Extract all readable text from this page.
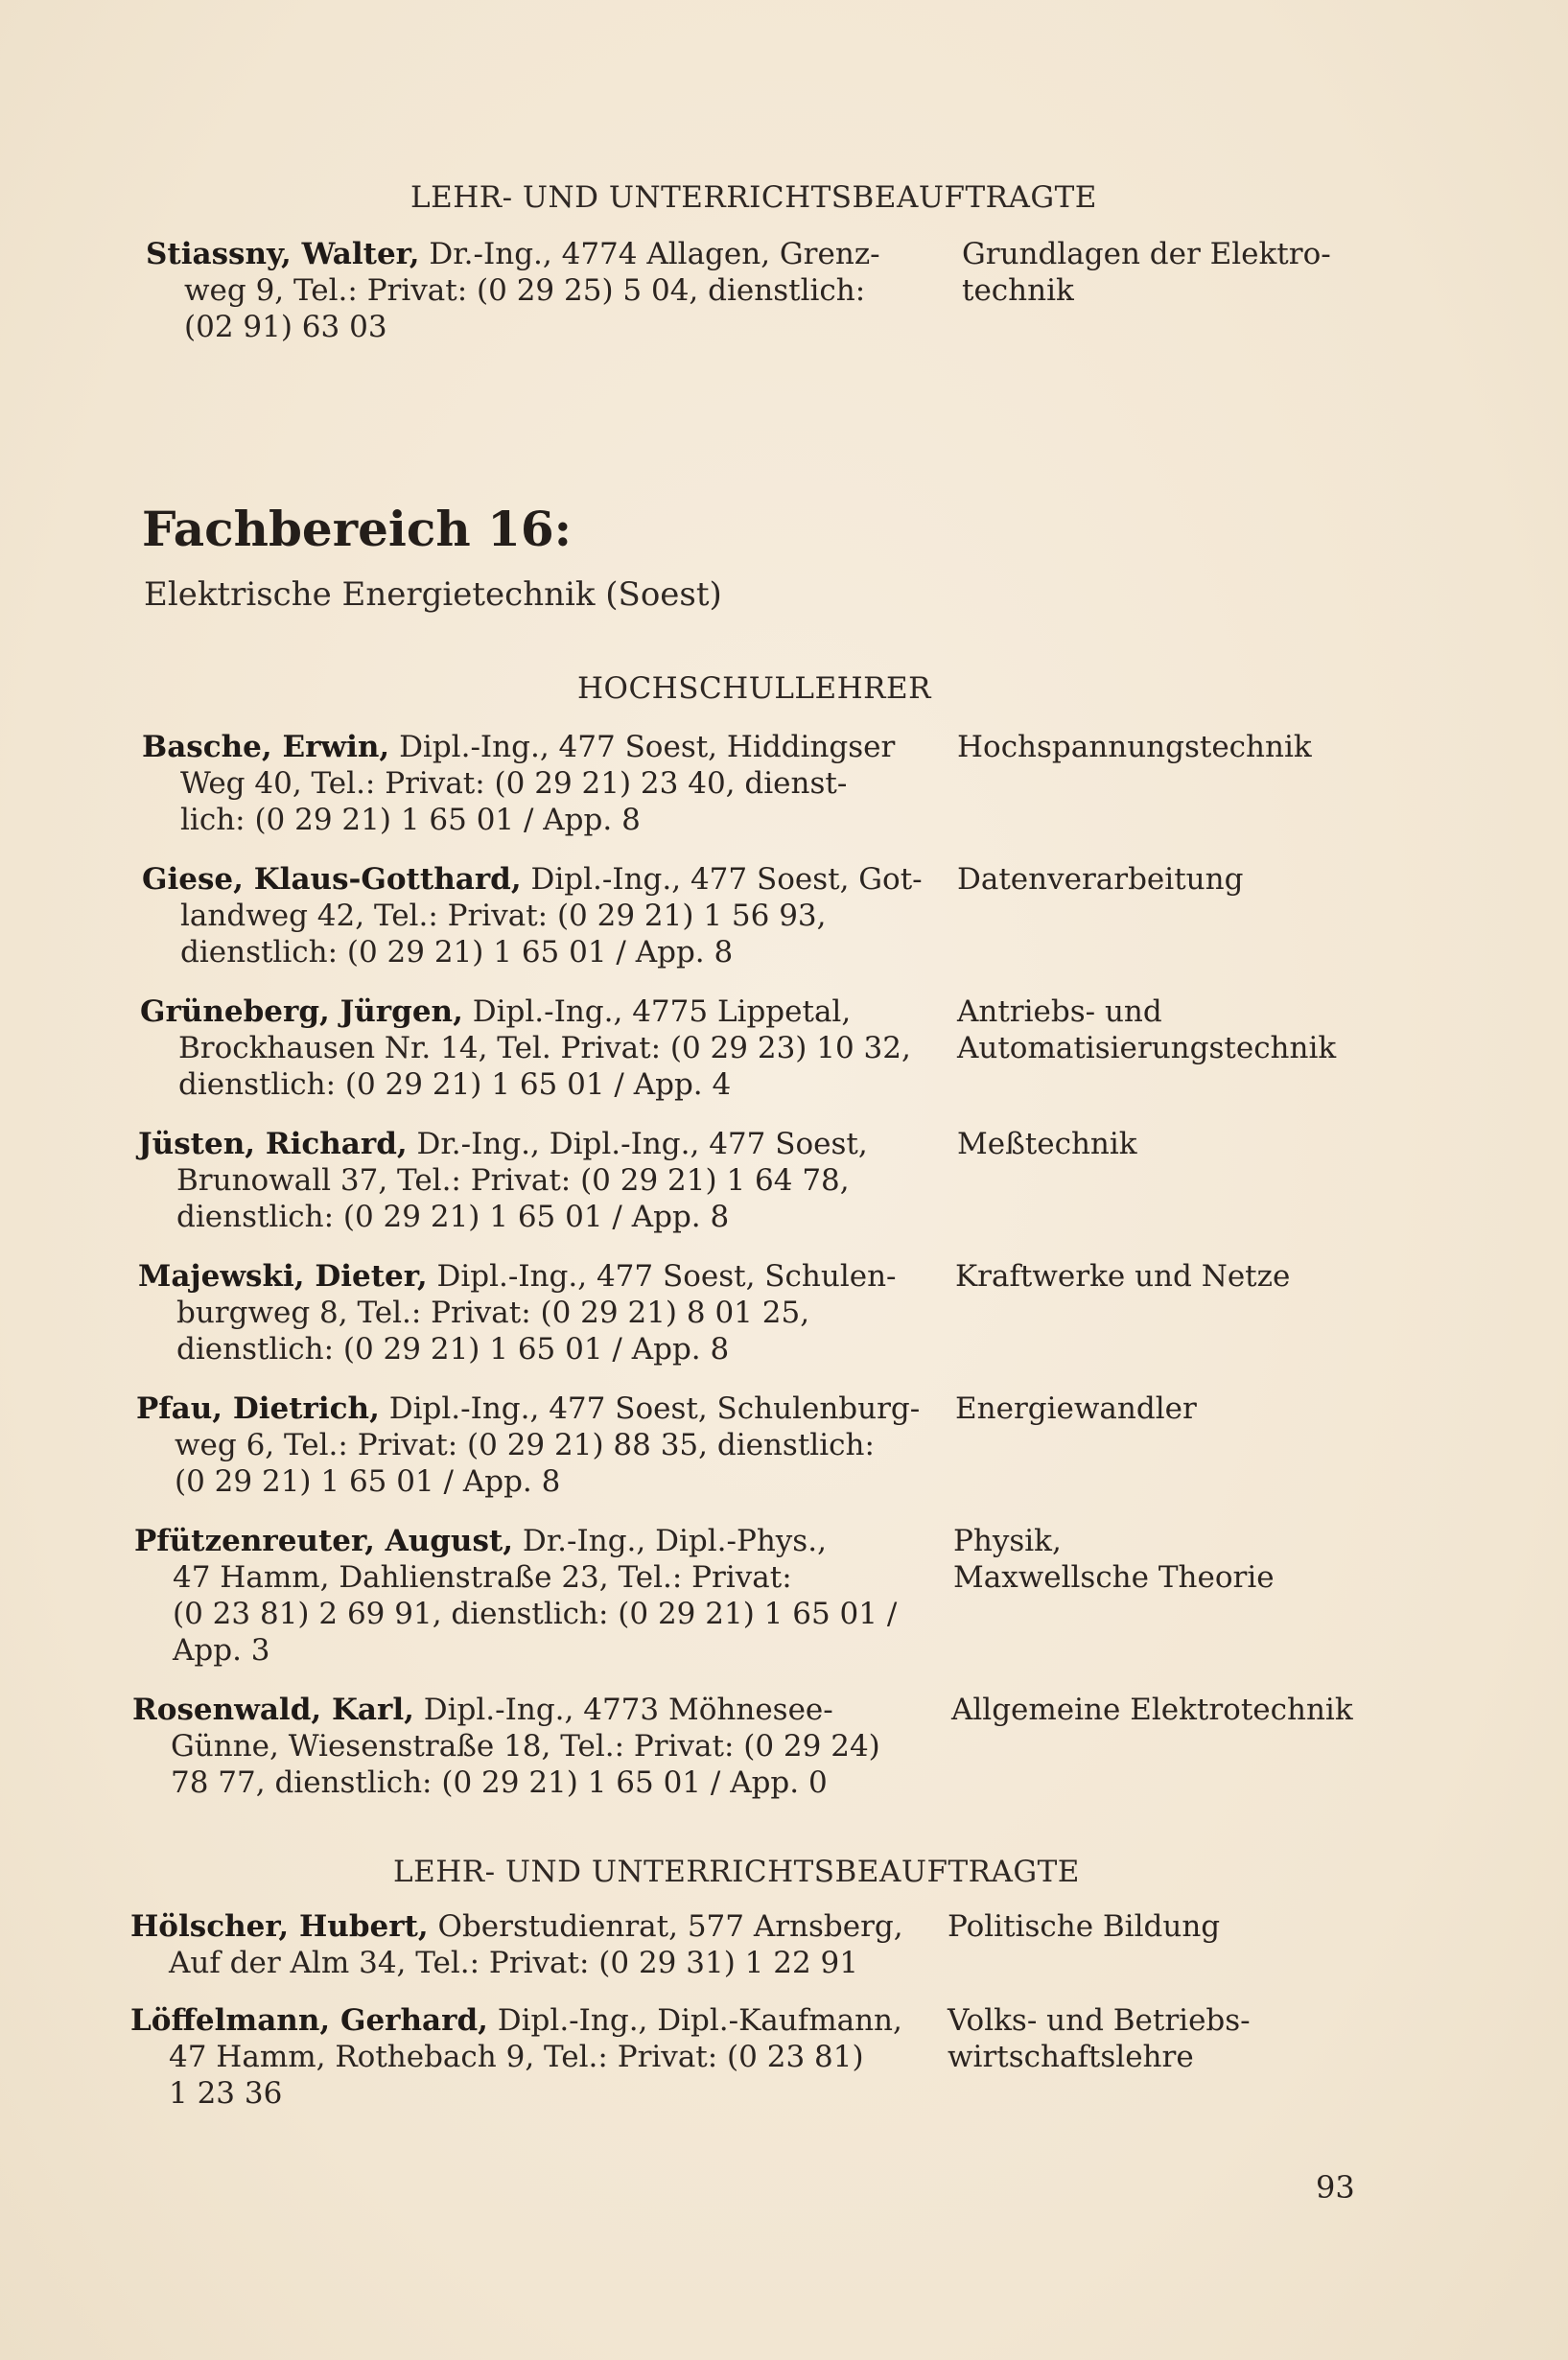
LEHR- UND UNTERRICHTSBEAUFTRAGTE
Stiassny, Walter, Dr.-Ing., 4774 Allagen, Grenz-
weg 9, Tel.: Privat: (0 29 25) 5 04, dienstlich:
(02 91) 63 03
Grundlagen der Elektro-
technik
Fachbereich 16:
Elektrische Energietechnik (Soest)
HOCHSCHULLEHRER
Basche, Erwin, Dipl.-Ing., 477 Soest, Hiddingser
Weg 40, Tel.: Privat: (0 29 21) 23 40, dienst-
lich: (0 29 21) 1 65 01 / App. 8
Hochspannungstechnik
Giese, Klaus-Gotthard, Dipl.-Ing., 477 Soest, Got-
landweg 42, Tel.: Privat: (0 29 21) 1 56 93,
dienstlich: (0 29 21) 1 65 01 / App. 8
Datenverarbeitung
Grüneberg, Jürgen, Dipl.-Ing., 4775 Lippetal,
Brockhausen Nr. 14, Tel. Privat: (0 29 23) 10 32,
dienstlich: (0 29 21) 1 65 01 / App. 4
Antriebs- und
Automatisierungstechnik
Jüsten, Richard, Dr.-Ing., Dipl.-Ing., 477 Soest,
Brunowall 37, Tel.: Privat: (0 29 21) 1 64 78,
dienstlich: (0 29 21) 1 65 01 / App. 8
Meßtechnik
Majewski, Dieter, Dipl.-Ing., 477 Soest, Schulen-
burgweg 8, Tel.: Privat: (0 29 21) 8 01 25,
dienstlich: (0 29 21) 1 65 01 / App. 8
Kraftwerke und Netze
Pfau, Dietrich, Dipl.-Ing., 477 Soest, Schulenburg-
weg 6, Tel.: Privat: (0 29 21) 88 35, dienstlich:
(0 29 21) 1 65 01 / App. 8
Energiewandler
Pfützenreuter, August, Dr.-Ing., Dipl.-Phys.,
47 Hamm, Dahlienstraße 23, Tel.: Privat:
(0 23 81) 2 69 91, dienstlich: (0 29 21) 1 65 01 /
App. 3
Physik,
Maxwellsche Theorie
Rosenwald, Karl, Dipl.-Ing., 4773 Möhnesee-
Günne, Wiesenstraße 18, Tel.: Privat: (0 29 24)
78 77, dienstlich: (0 29 21) 1 65 01 / App. 0
Allgemeine Elektrotechnik
LEHR- UND UNTERRICHTSBEAUFTRAGTE
Hölscher, Hubert, Oberstudienrat, 577 Arnsberg,
Auf der Alm 34, Tel.: Privat: (0 29 31) 1 22 91
Politische Bildung
Löffelmann, Gerhard, Dipl.-Ing., Dipl.-Kaufmann,
47 Hamm, Rothebach 9, Tel.: Privat: (0 23 81)
1 23 36
Volks- und Betriebs-
wirtschaftslehre
93
